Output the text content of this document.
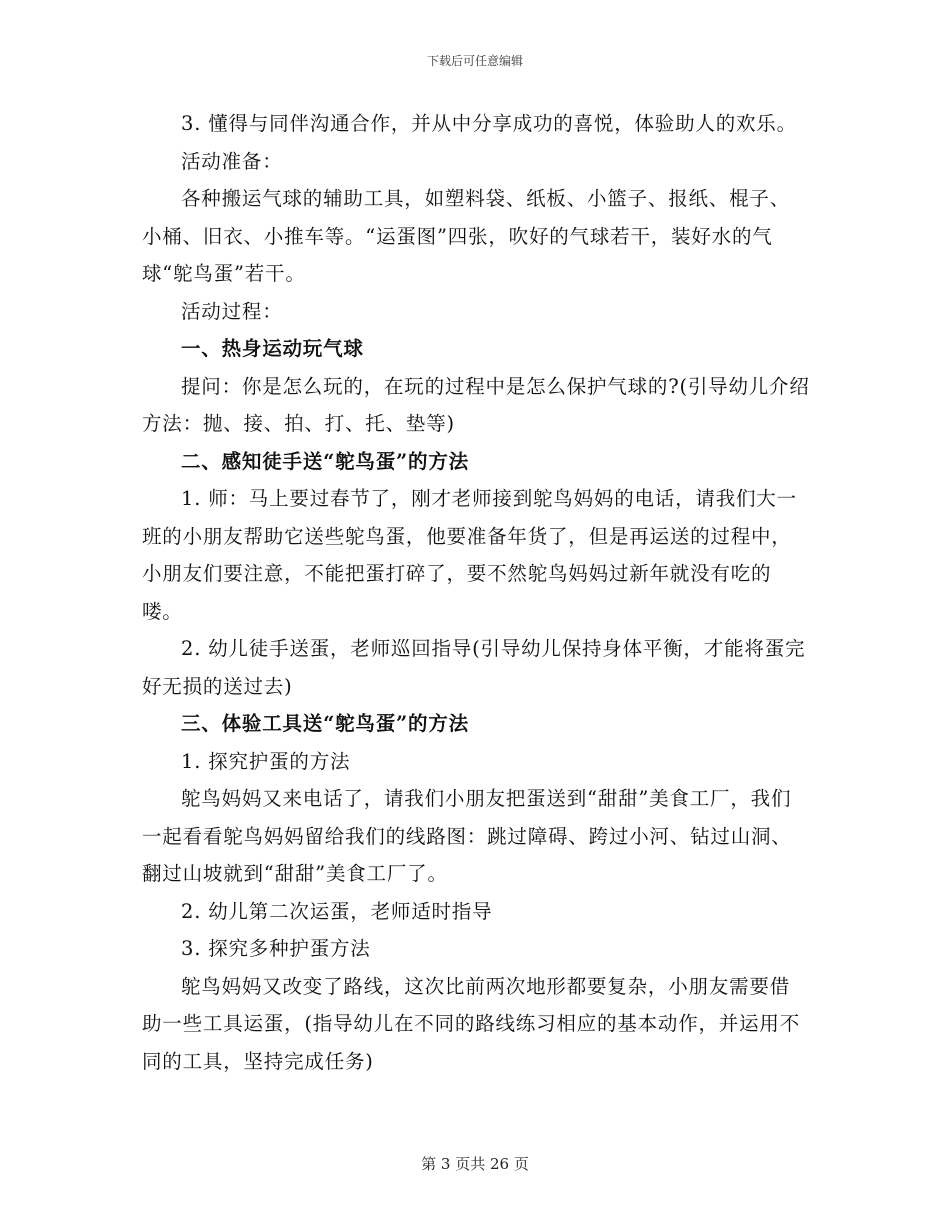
下载后可任意编辑

3. 懂得与同伴沟通合作，并从中分享成功的喜悦，体验助人的欢乐。

活动准备：

各种搬运气球的辅助工具，如塑料袋、纸板、小篮子、报纸、棍子、小桶、旧衣、小推车等。“运蛋图”四张，吹好的气球若干，装好水的气球“鸵鸟蛋”若干。

活动过程：

一、热身运动玩气球

提问：你是怎么玩的，在玩的过程中是怎么保护气球的?(引导幼儿介绍方法：抛、接、拍、打、托、垫等)

二、感知徒手送“鸵鸟蛋”的方法

1. 师：马上要过春节了，刚才老师接到鸵鸟妈妈的电话，请我们大一班的小朋友帮助它送些鸵鸟蛋，他要准备年货了，但是再运送的过程中，小朋友们要注意，不能把蛋打碎了，要不然鸵鸟妈妈过新年就没有吃的喽。

2. 幼儿徒手送蛋，老师巡回指导(引导幼儿保持身体平衡，才能将蛋完好无损的送过去)

三、体验工具送“鸵鸟蛋”的方法

1. 探究护蛋的方法

鸵鸟妈妈又来电话了，请我们小朋友把蛋送到“甜甜”美食工厂，我们一起看看鸵鸟妈妈留给我们的线路图：跳过障碍、跨过小河、钻过山洞、翻过山坡就到“甜甜”美食工厂了。

2. 幼儿第二次运蛋，老师适时指导

3. 探究多种护蛋方法

鸵鸟妈妈又改变了路线，这次比前两次地形都要复杂，小朋友需要借助一些工具运蛋，(指导幼儿在不同的路线练习相应的基本动作，并运用不同的工具，坚持完成任务)

第 3 页共 26 页
